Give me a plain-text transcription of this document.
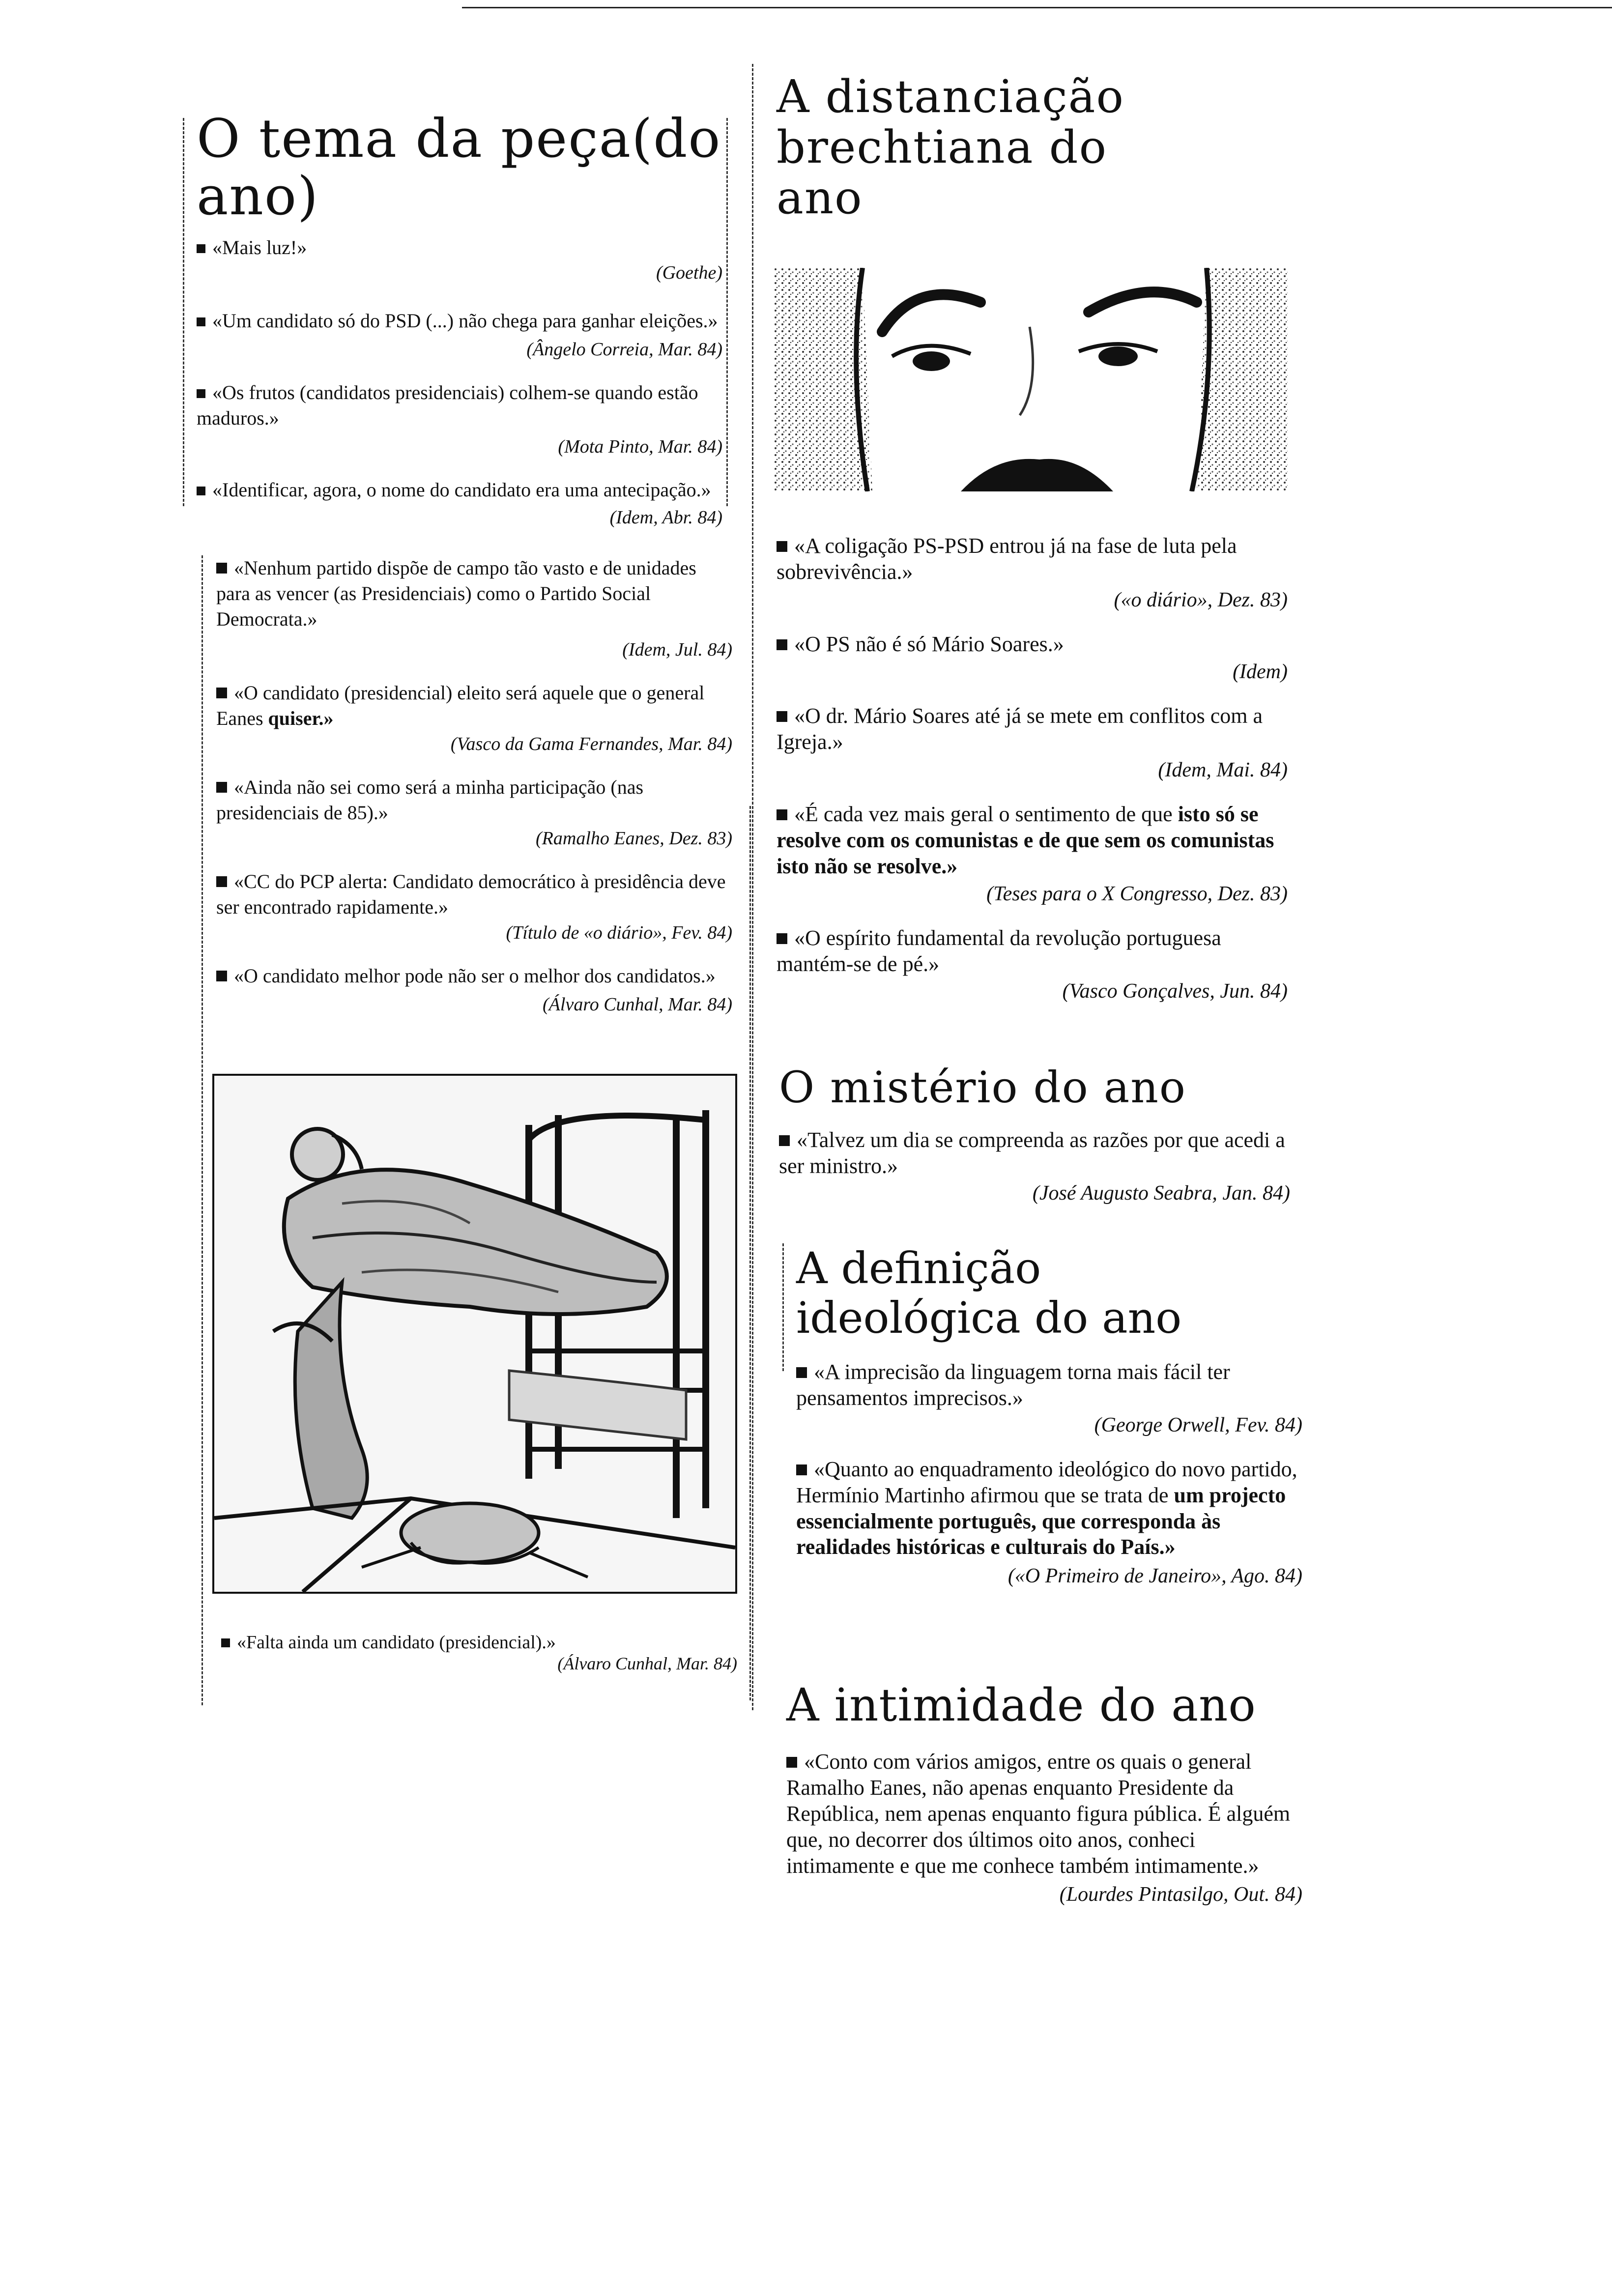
O tema da peça(do ano)

«Mais luz!»

(Goethe)

«Um candidato só do PSD (...) não chega para ganhar eleições.»

(Ângelo Correia, Mar. 84)

«Os frutos (candidatos presidenciais) colhem-se quando estão maduros.»

(Mota Pinto, Mar. 84)

«Identificar, agora, o nome do candidato era uma antecipação.»

(Idem, Abr. 84)

«Nenhum partido dispõe de campo tão vasto e de unidades para as vencer (as Presidenciais) como o Partido Social Democrata.»

(Idem, Jul. 84)

«O candidato (presidencial) eleito será aquele que o general Eanes quiser.»

(Vasco da Gama Fernandes, Mar. 84)

«Ainda não sei como será a minha participação (nas presidenciais de 85).»

(Ramalho Eanes, Dez. 83)

«CC do PCP alerta: Candidato democrático à presidência deve ser encontrado rapidamente.»

(Título de «o diário», Fev. 84)

«O candidato melhor pode não ser o melhor dos candidatos.»

(Álvaro Cunhal, Mar. 84)

«Falta ainda um candidato (presidencial).»

(Álvaro Cunhal, Mar. 84)

A distanciação brechtiana do ano

«A coligação PS-PSD entrou já na fase de luta pela sobrevivência.»

(«o diário», Dez. 83)

«O PS não é só Mário Soares.»

(Idem)

«O dr. Mário Soares até já se mete em conflitos com a Igreja.»

(Idem, Mai. 84)

«É cada vez mais geral o sentimento de que isto só se resolve com os comunistas e de que sem os comunistas isto não se resolve.»

(Teses para o X Congresso, Dez. 83)

«O espírito fundamental da revolução portuguesa mantém-se de pé.»

(Vasco Gonçalves, Jun. 84)

O mistério do ano

«Talvez um dia se compreenda as razões por que acedi a ser ministro.»

(José Augusto Seabra, Jan. 84)

A definição ideológica do ano

«A imprecisão da linguagem torna mais fácil ter pensamentos imprecisos.»

(George Orwell, Fev. 84)

«Quanto ao enquadramento ideológico do novo partido, Hermínio Martinho afirmou que se trata de um projecto essencialmente português, que corresponda às realidades históricas e culturais do País.»

(«O Primeiro de Janeiro», Ago. 84)

A intimidade do ano

«Conto com vários amigos, entre os quais o general Ramalho Eanes, não apenas enquanto Presidente da República, nem apenas enquanto figura pública. É alguém que, no decorrer dos últimos oito anos, conheci intimamente e que me conhece também intimamente.»

(Lourdes Pintasilgo, Out. 84)
